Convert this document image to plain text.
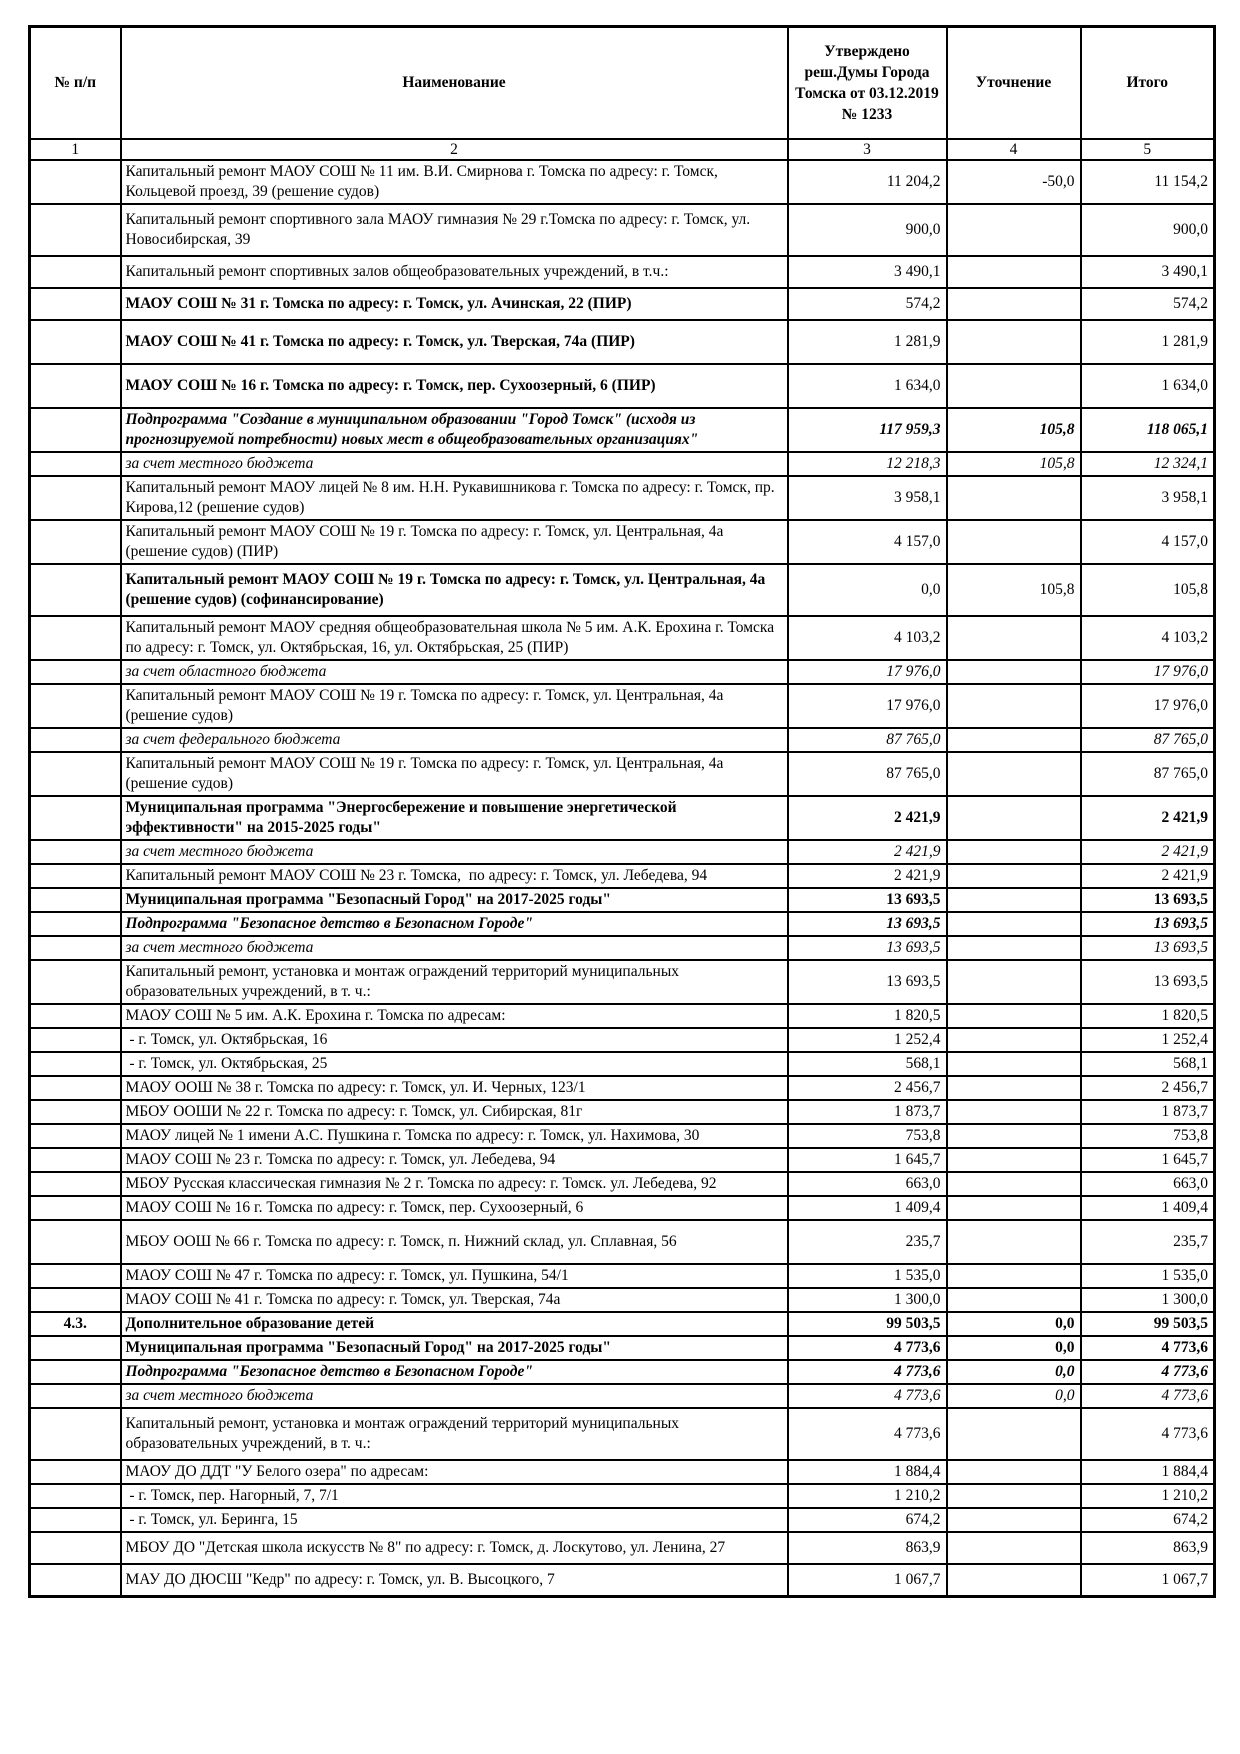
№ п/п	Наименование	Утверждено реш.Думы Города Томска от 03.12.2019 № 1233	Уточнение	Итого
1	2	3	4	5
	Капитальный ремонт МАОУ СОШ № 11 им. В.И. Смирнова г. Томска по адресу: г. Томск, Кольцевой проезд, 39 (решение судов)	11 204,2	-50,0	11 154,2
	Капитальный ремонт спортивного зала МАОУ гимназия № 29 г.Томска по адресу: г. Томск, ул. Новосибирская, 39	900,0		900,0
	Капитальный ремонт спортивных залов общеобразовательных учреждений, в т.ч.:	3 490,1		3 490,1
	МАОУ СОШ № 31 г. Томска по адресу: г. Томск, ул. Ачинская, 22 (ПИР)	574,2		574,2
	МАОУ СОШ № 41 г. Томска по адресу: г. Томск, ул. Тверская, 74а (ПИР)	1 281,9		1 281,9
	МАОУ СОШ № 16 г. Томска по адресу: г. Томск, пер. Сухоозерный, 6 (ПИР)	1 634,0		1 634,0
	Подпрограмма "Создание в муниципальном образовании "Город Томск" (исходя из прогнозируемой потребности) новых мест в общеобразовательных организациях"	117 959,3	105,8	118 065,1
	за счет местного бюджета	12 218,3	105,8	12 324,1
	Капитальный ремонт МАОУ лицей № 8 им. Н.Н. Рукавишникова г. Томска по адресу: г. Томск, пр. Кирова,12 (решение судов)	3 958,1		3 958,1
	Капитальный ремонт МАОУ СОШ № 19 г. Томска по адресу: г. Томск, ул. Центральная, 4а (решение судов) (ПИР)	4 157,0		4 157,0
	Капитальный ремонт МАОУ СОШ № 19 г. Томска по адресу: г. Томск, ул. Центральная, 4а (решение судов) (софинансирование)	0,0	105,8	105,8
	Капитальный ремонт МАОУ средняя общеобразовательная школа № 5 им. А.К. Ерохина г. Томска по адресу: г. Томск, ул. Октябрьская, 16, ул. Октябрьская, 25 (ПИР)	4 103,2		4 103,2
	за счет областного бюджета	17 976,0		17 976,0
	Капитальный ремонт МАОУ СОШ № 19 г. Томска по адресу: г. Томск, ул. Центральная, 4а (решение судов)	17 976,0		17 976,0
	за счет федерального бюджета	87 765,0		87 765,0
	Капитальный ремонт МАОУ СОШ № 19 г. Томска по адресу: г. Томск, ул. Центральная, 4а (решение судов)	87 765,0		87 765,0
	Муниципальная программа "Энергосбережение и повышение энергетической эффективности" на 2015-2025 годы"	2 421,9		2 421,9
	за счет местного бюджета	2 421,9		2 421,9
	Капитальный ремонт МАОУ СОШ № 23 г. Томска,  по адресу: г. Томск, ул. Лебедева, 94	2 421,9		2 421,9
	Муниципальная программа "Безопасный Город" на 2017-2025 годы"	13 693,5		13 693,5
	Подпрограмма "Безопасное детство в Безопасном Городе"	13 693,5		13 693,5
	за счет местного бюджета	13 693,5		13 693,5
	Капитальный ремонт, установка и монтаж ограждений территорий муниципальных образовательных учреждений, в т. ч.:	13 693,5		13 693,5
	МАОУ СОШ № 5 им. А.К. Ерохина г. Томска по адресам:	1 820,5		1 820,5
	- г. Томск, ул. Октябрьская, 16	1 252,4		1 252,4
	- г. Томск, ул. Октябрьская, 25	568,1		568,1
	МАОУ ООШ № 38 г. Томска по адресу: г. Томск, ул. И. Черных, 123/1	2 456,7		2 456,7
	МБОУ ООШИ № 22 г. Томска по адресу: г. Томск, ул. Сибирская, 81г	1 873,7		1 873,7
	МАОУ лицей № 1 имени А.С. Пушкина г. Томска по адресу: г. Томск, ул. Нахимова, 30	753,8		753,8
	МАОУ СОШ № 23 г. Томска по адресу: г. Томск, ул. Лебедева, 94	1 645,7		1 645,7
	МБОУ Русская классическая гимназия № 2 г. Томска по адресу: г. Томск. ул. Лебедева, 92	663,0		663,0
	МАОУ СОШ № 16 г. Томска по адресу: г. Томск, пер. Сухоозерный, 6	1 409,4		1 409,4
	МБОУ ООШ № 66 г. Томска по адресу: г. Томск, п. Нижний склад, ул. Сплавная, 56	235,7		235,7
	МАОУ СОШ № 47 г. Томска по адресу: г. Томск, ул. Пушкина, 54/1	1 535,0		1 535,0
	МАОУ СОШ № 41 г. Томска по адресу: г. Томск, ул. Тверская, 74а	1 300,0		1 300,0
4.3.	Дополнительное образование детей	99 503,5	0,0	99 503,5
	Муниципальная программа "Безопасный Город" на 2017-2025 годы"	4 773,6	0,0	4 773,6
	Подпрограмма "Безопасное детство в Безопасном Городе"	4 773,6	0,0	4 773,6
	за счет местного бюджета	4 773,6	0,0	4 773,6
	Капитальный ремонт, установка и монтаж ограждений территорий муниципальных образовательных учреждений, в т. ч.:	4 773,6		4 773,6
	МАОУ ДО ДДТ "У Белого озера" по адресам:	1 884,4		1 884,4
	- г. Томск, пер. Нагорный, 7, 7/1	1 210,2		1 210,2
	- г. Томск, ул. Беринга, 15	674,2		674,2
	МБОУ ДО "Детская школа искусств № 8" по адресу: г. Томск, д. Лоскутово, ул. Ленина, 27	863,9		863,9
	МАУ ДО ДЮСШ "Кедр" по адресу: г. Томск, ул. В. Высоцкого, 7	1 067,7		1 067,7
